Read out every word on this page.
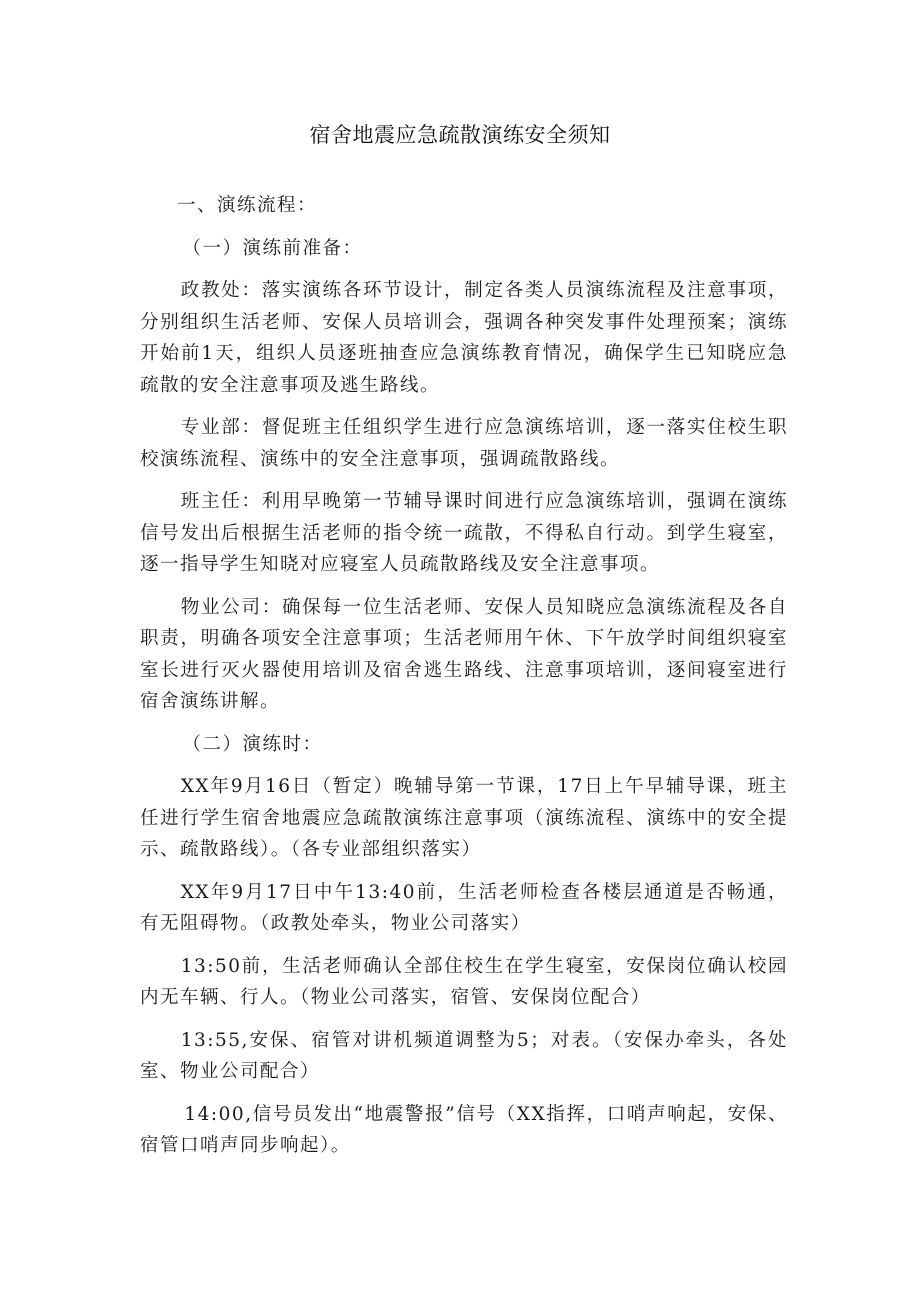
宿舍地震应急疏散演练安全须知

一、演练流程：

（一）演练前准备：

政教处：落实演练各环节设计，制定各类人员演练流程及注意事项，分别组织生活老师、安保人员培训会，强调各种突发事件处理预案；演练开始前1天，组织人员逐班抽查应急演练教育情况，确保学生已知晓应急疏散的安全注意事项及逃生路线。

专业部：督促班主任组织学生进行应急演练培训，逐一落实住校生职校演练流程、演练中的安全注意事项，强调疏散路线。

班主任：利用早晚第一节辅导课时间进行应急演练培训，强调在演练信号发出后根据生活老师的指令统一疏散，不得私自行动。到学生寝室，逐一指导学生知晓对应寝室人员疏散路线及安全注意事项。

物业公司：确保每一位生活老师、安保人员知晓应急演练流程及各自职责，明确各项安全注意事项；生活老师用午休、下午放学时间组织寝室室长进行灭火器使用培训及宿舍逃生路线、注意事项培训，逐间寝室进行宿舍演练讲解。

（二）演练时：

XX年9月16日（暂定）晚辅导第一节课，17日上午早辅导课，班主任进行学生宿舍地震应急疏散演练注意事项（演练流程、演练中的安全提示、疏散路线）。（各专业部组织落实）

XX年9月17日中午13:40前，生活老师检查各楼层通道是否畅通，有无阻碍物。（政教处牵头，物业公司落实）

13:50前，生活老师确认全部住校生在学生寝室，安保岗位确认校园内无车辆、行人。（物业公司落实，宿管、安保岗位配合）

13:55,安保、宿管对讲机频道调整为5；对表。（安保办牵头，各处室、物业公司配合）

14:00,信号员发出“地震警报”信号（XX指挥，口哨声响起，安保、宿管口哨声同步响起）。
